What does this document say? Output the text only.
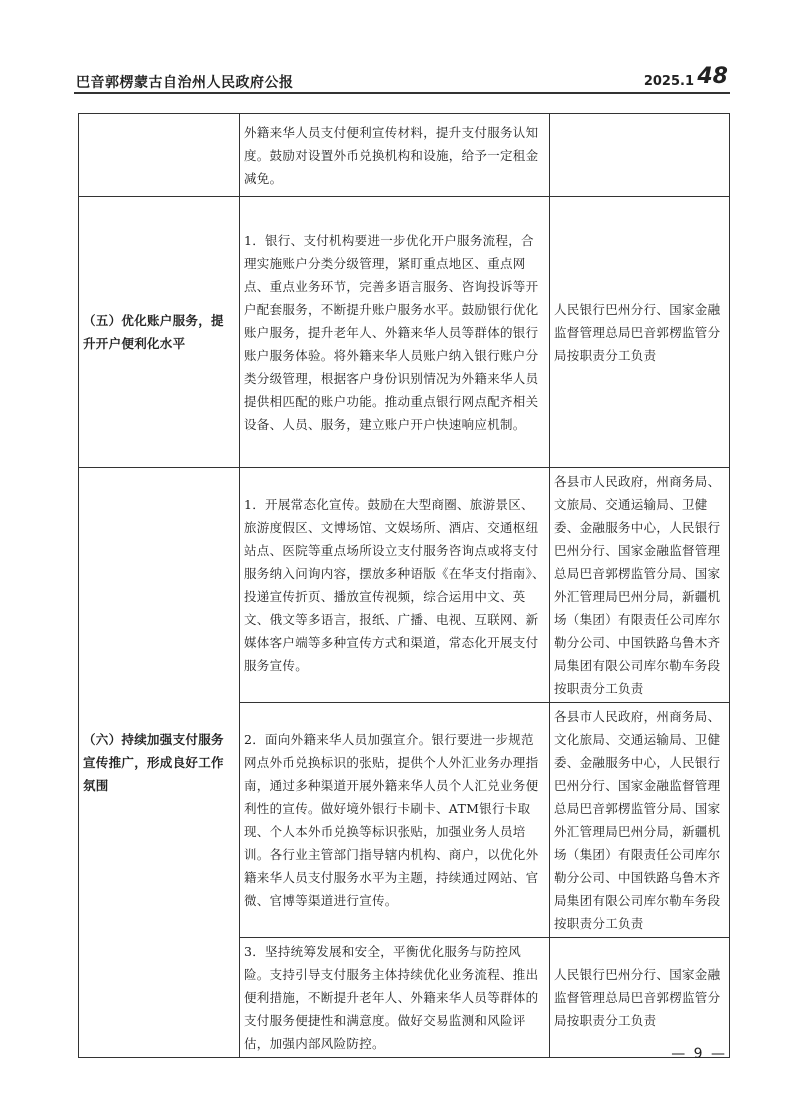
巴音郭楞蒙古自治州人民政府公报	2025.1 48
	外籍来华人员支付便利宣传材料，提升支付服务认知度。鼓励对设置外币兑换机构和设施，给予一定租金减免。	
（五）优化账户服务，提升开户便利化水平	1．银行、支付机构要进一步优化开户服务流程，合理实施账户分类分级管理，紧盯重点地区、重点网点、重点业务环节，完善多语言服务、咨询投诉等开户配套服务，不断提升账户服务水平。鼓励银行优化账户服务，提升老年人、外籍来华人员等群体的银行账户服务体验。将外籍来华人员账户纳入银行账户分类分级管理，根据客户身份识别情况为外籍来华人员提供相匹配的账户功能。推动重点银行网点配齐相关设备、人员、服务，建立账户开户快速响应机制。	人民银行巴州分行、国家金融监督管理总局巴音郭楞监管分局按职责分工负责
（六）持续加强支付服务宣传推广，形成良好工作氛围	1．开展常态化宣传。鼓励在大型商圈、旅游景区、旅游度假区、文博场馆、文娱场所、酒店、交通枢纽站点、医院等重点场所设立支付服务咨询点或将支付服务纳入问询内容，摆放多种语版《在华支付指南》、投递宣传折页、播放宣传视频，综合运用中文、英文、俄文等多语言，报纸、广播、电视、互联网、新媒体客户端等多种宣传方式和渠道，常态化开展支付服务宣传。	各县市人民政府，州商务局、文旅局、交通运输局、卫健委、金融服务中心，人民银行巴州分行、国家金融监督管理总局巴音郭楞监管分局、国家外汇管理局巴州分局，新疆机场（集团）有限责任公司库尔勒分公司、中国铁路乌鲁木齐局集团有限公司库尔勒车务段按职责分工负责
	2．面向外籍来华人员加强宣介。银行要进一步规范网点外币兑换标识的张贴，提供个人外汇业务办理指南，通过多种渠道开展外籍来华人员个人汇兑业务便利性的宣传。做好境外银行卡刷卡、ATM银行卡取现、个人本外币兑换等标识张贴，加强业务人员培训。各行业主管部门指导辖内机构、商户，以优化外籍来华人员支付服务水平为主题，持续通过网站、官微、官博等渠道进行宣传。	各县市人民政府，州商务局、文化旅局、交通运输局、卫健委、金融服务中心，人民银行巴州分行、国家金融监督管理总局巴音郭楞监管分局、国家外汇管理局巴州分局，新疆机场（集团）有限责任公司库尔勒分公司、中国铁路乌鲁木齐局集团有限公司库尔勒车务段按职责分工负责
	3．坚持统筹发展和安全，平衡优化服务与防控风险。支持引导支付服务主体持续优化业务流程、推出便利措施，不断提升老年人、外籍来华人员等群体的支付服务便捷性和满意度。做好交易监测和风险评估，加强内部风险防控。	人民银行巴州分行、国家金融监督管理总局巴音郭楞监管分局按职责分工负责
— 9 —
